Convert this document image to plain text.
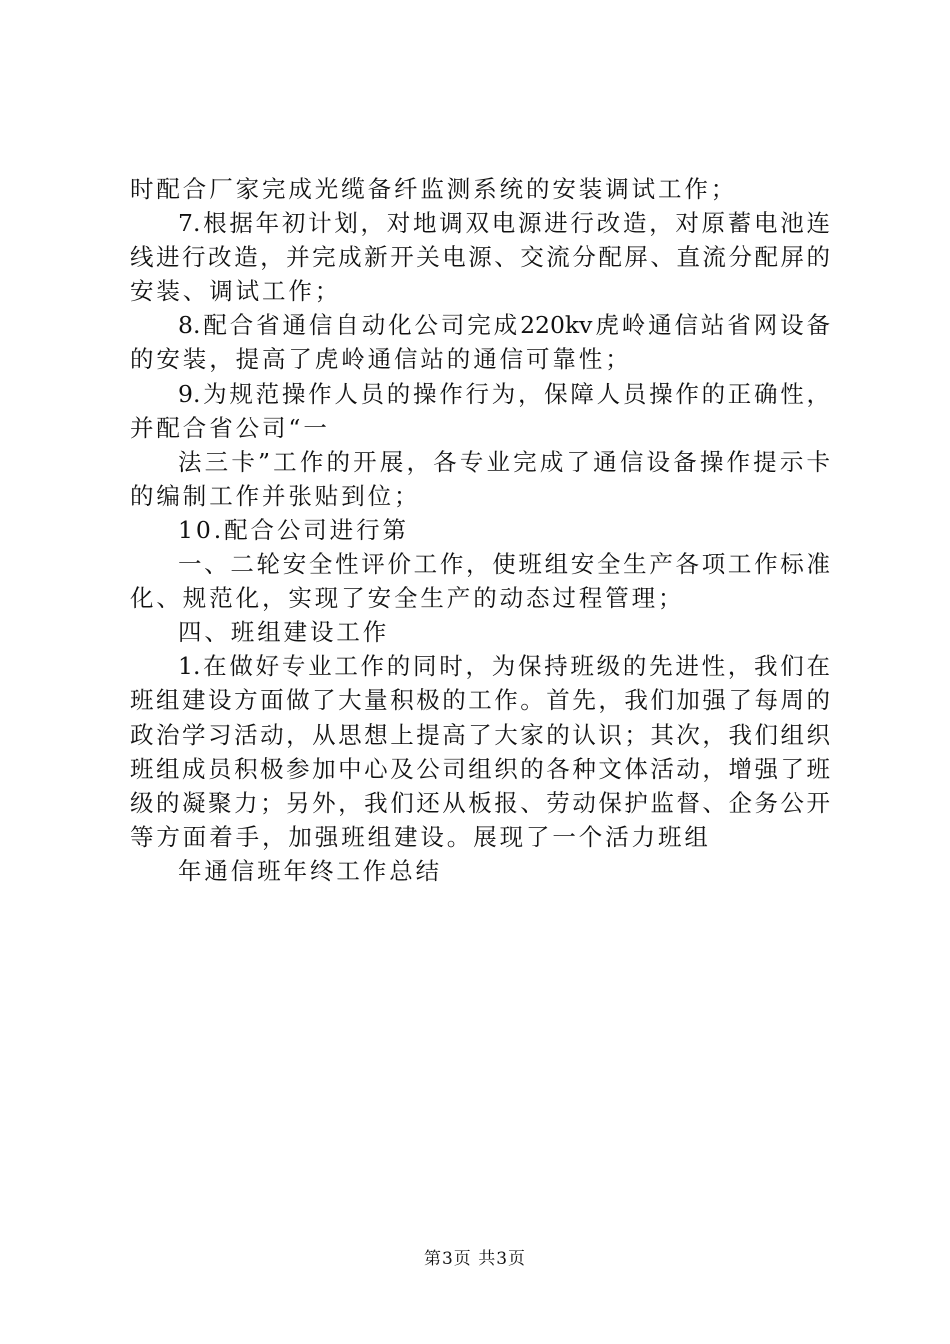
时配合厂家完成光缆备纤监测系统的安装调试工作；
7.根据年初计划，对地调双电源进行改造，对原蓄电池连
线进行改造，并完成新开关电源、交流分配屏、直流分配屏的
安装、调试工作；
8.配合省通信自动化公司完成220kv虎岭通信站省网设备
的安装，提高了虎岭通信站的通信可靠性；
9.为规范操作人员的操作行为，保障人员操作的正确性，
并配合省公司“一
法三卡”工作的开展，各专业完成了通信设备操作提示卡
的编制工作并张贴到位；
10.配合公司进行第
一、二轮安全性评价工作，使班组安全生产各项工作标准
化、规范化，实现了安全生产的动态过程管理；
四、班组建设工作
1.在做好专业工作的同时，为保持班级的先进性，我们在
班组建设方面做了大量积极的工作。首先，我们加强了每周的
政治学习活动，从思想上提高了大家的认识；其次，我们组织
班组成员积极参加中心及公司组织的各种文体活动，增强了班
级的凝聚力；另外，我们还从板报、劳动保护监督、企务公开
等方面着手，加强班组建设。展现了一个活力班组
年通信班年终工作总结
第3页 共3页
